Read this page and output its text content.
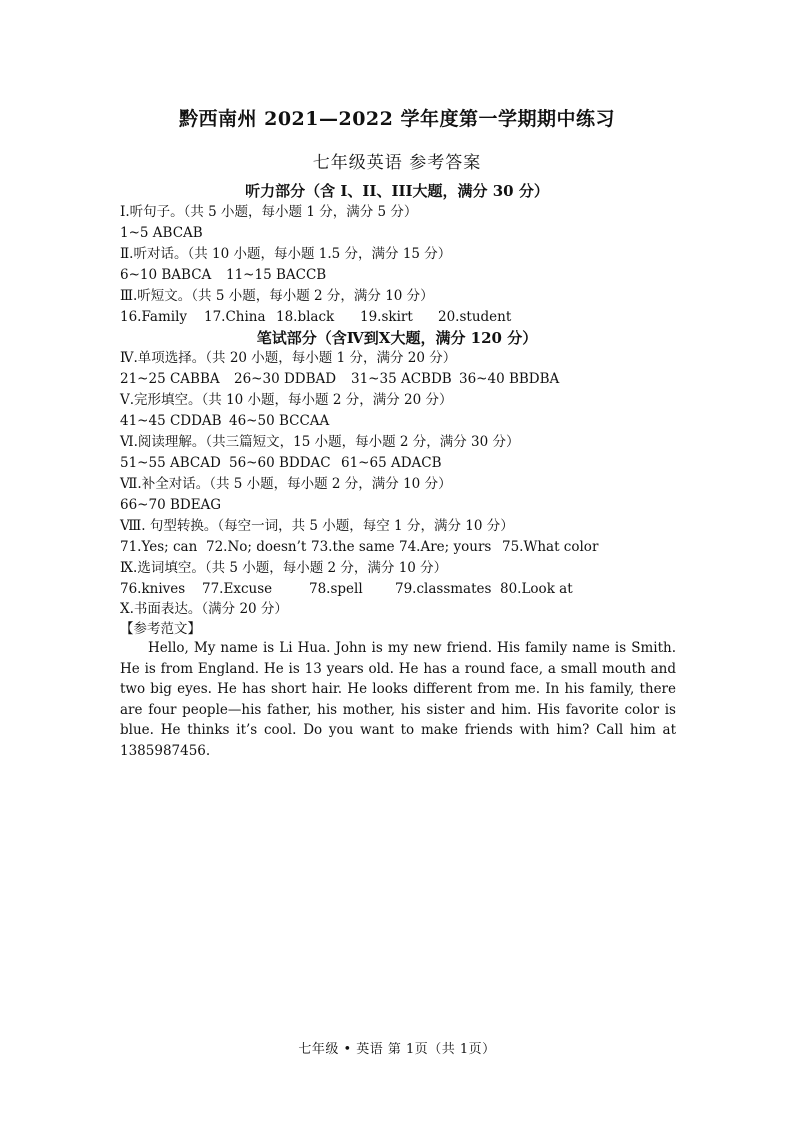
黔西南州 2021—2022 学年度第一学期期中练习
七年级英语 参考答案
听力部分（含 I、II、III大题，满分 30 分）
Ⅰ.听句子。（共 5 小题，每小题 1 分，满分 5 分）
1~5 ABCAB
Ⅱ.听对话。（共 10 小题，每小题 1.5 分，满分 15 分）
6~10 BABCA 11~15 BACCB
Ⅲ.听短文。（共 5 小题，每小题 2 分，满分 10 分）
16.Family 17.China 18.black 19.skirt 20.student
笔试部分（含Ⅳ到Ⅹ大题，满分 120 分）
Ⅳ.单项选择。（共 20 小题，每小题 1 分，满分 20 分）
21~25 CABBA 26~30 DDBAD 31~35 ACBDB 36~40 BBDBA
Ⅴ.完形填空。（共 10 小题，每小题 2 分，满分 20 分）
41~45 CDDAB 46~50 BCCAA
Ⅵ.阅读理解。（共三篇短文，15 小题，每小题 2 分，满分 30 分）
51~55 ABCAD 56~60 BDDAC 61~65 ADACB
Ⅶ.补全对话。（共 5 小题，每小题 2 分，满分 10 分）
66~70 BDEAG
Ⅷ. 句型转换。（每空一词，共 5 小题，每空 1 分，满分 10 分）
71.Yes; can 72.No; doesn’t 73.the same 74.Are; yours 75.What color
Ⅸ.选词填空。（共 5 小题，每小题 2 分，满分 10 分）
76.knives 77.Excuse	78.spell 79.classmates 80.Look at
Ⅹ.书面表达。（满分 20 分）
【参考范文】
Hello, My name is Li Hua. John is my new friend. His family name is Smith. He is from England. He is 13 years old. He has a round face, a small mouth and two big eyes. He has short hair. He looks different from me. In his family, there are four people—his father, his mother, his sister and him. His favorite color is blue. He thinks it’s cool. Do you want to make friends with him? Call him at 1385987456.
七年级 • 英语 第 1页（共 1页）
